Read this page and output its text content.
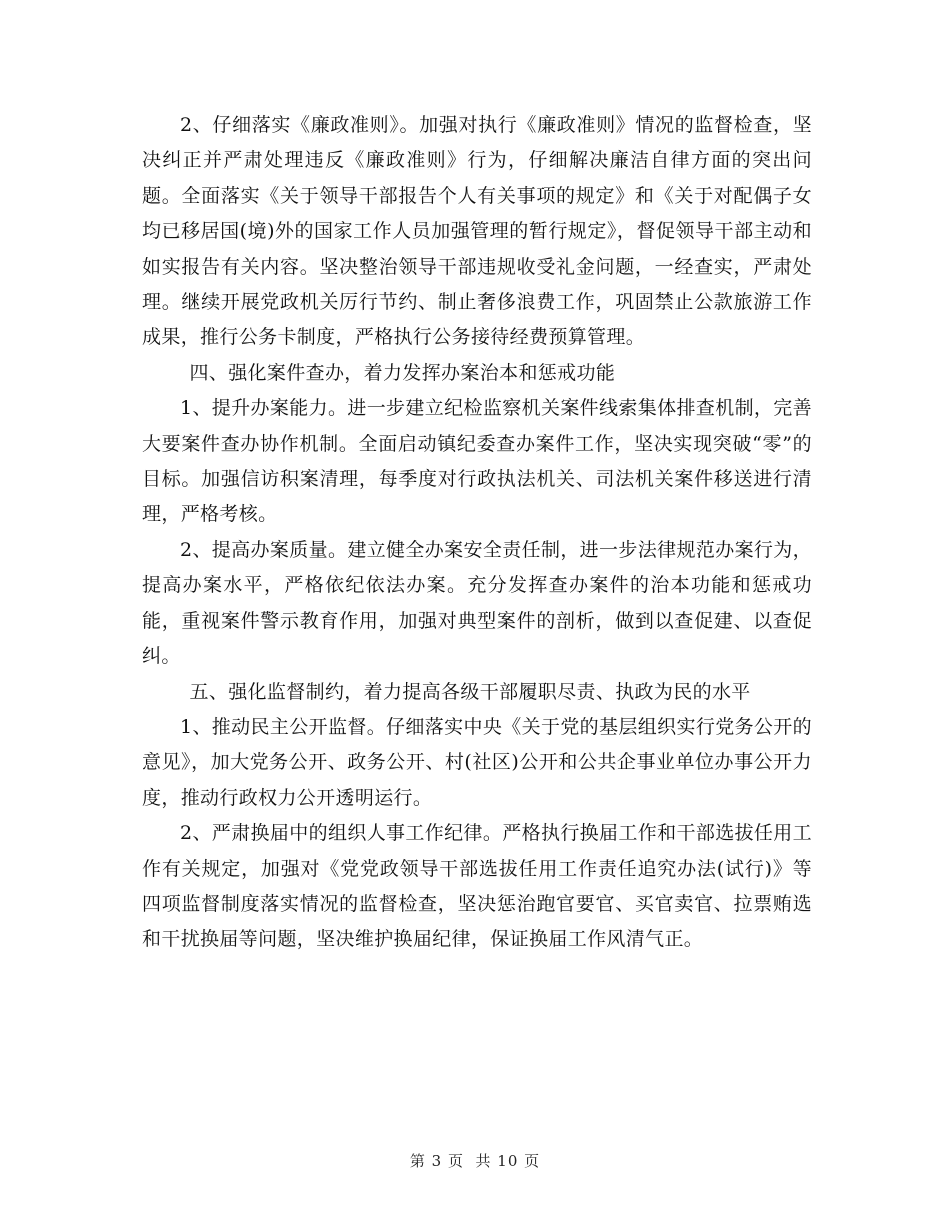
2、仔细落实《廉政准则》。加强对执行《廉政准则》情况的监督检查，坚决纠正并严肃处理违反《廉政准则》行为，仔细解决廉洁自律方面的突出问题。全面落实《关于领导干部报告个人有关事项的规定》和《关于对配偶子女均已移居国(境)外的国家工作人员加强管理的暂行规定》，督促领导干部主动和如实报告有关内容。坚决整治领导干部违规收受礼金问题，一经查实，严肃处理。继续开展党政机关厉行节约、制止奢侈浪费工作，巩固禁止公款旅游工作成果，推行公务卡制度，严格执行公务接待经费预算管理。

四、强化案件查办，着力发挥办案治本和惩戒功能

1、提升办案能力。进一步建立纪检监察机关案件线索集体排查机制，完善大要案件查办协作机制。全面启动镇纪委查办案件工作，坚决实现突破“零”的目标。加强信访积案清理，每季度对行政执法机关、司法机关案件移送进行清理，严格考核。

2、提高办案质量。建立健全办案安全责任制，进一步法律规范办案行为，提高办案水平，严格依纪依法办案。充分发挥查办案件的治本功能和惩戒功能，重视案件警示教育作用，加强对典型案件的剖析，做到以查促建、以查促纠。

五、强化监督制约，着力提高各级干部履职尽责、执政为民的水平

1、推动民主公开监督。仔细落实中央《关于党的基层组织实行党务公开的意见》，加大党务公开、政务公开、村(社区)公开和公共企事业单位办事公开力度，推动行政权力公开透明运行。

2、严肃换届中的组织人事工作纪律。严格执行换届工作和干部选拔任用工作有关规定，加强对《党党政领导干部选拔任用工作责任追究办法(试行)》等四项监督制度落实情况的监督检查，坚决惩治跑官要官、买官卖官、拉票贿选和干扰换届等问题，坚决维护换届纪律，保证换届工作风清气正。

第 3 页  共 10 页
